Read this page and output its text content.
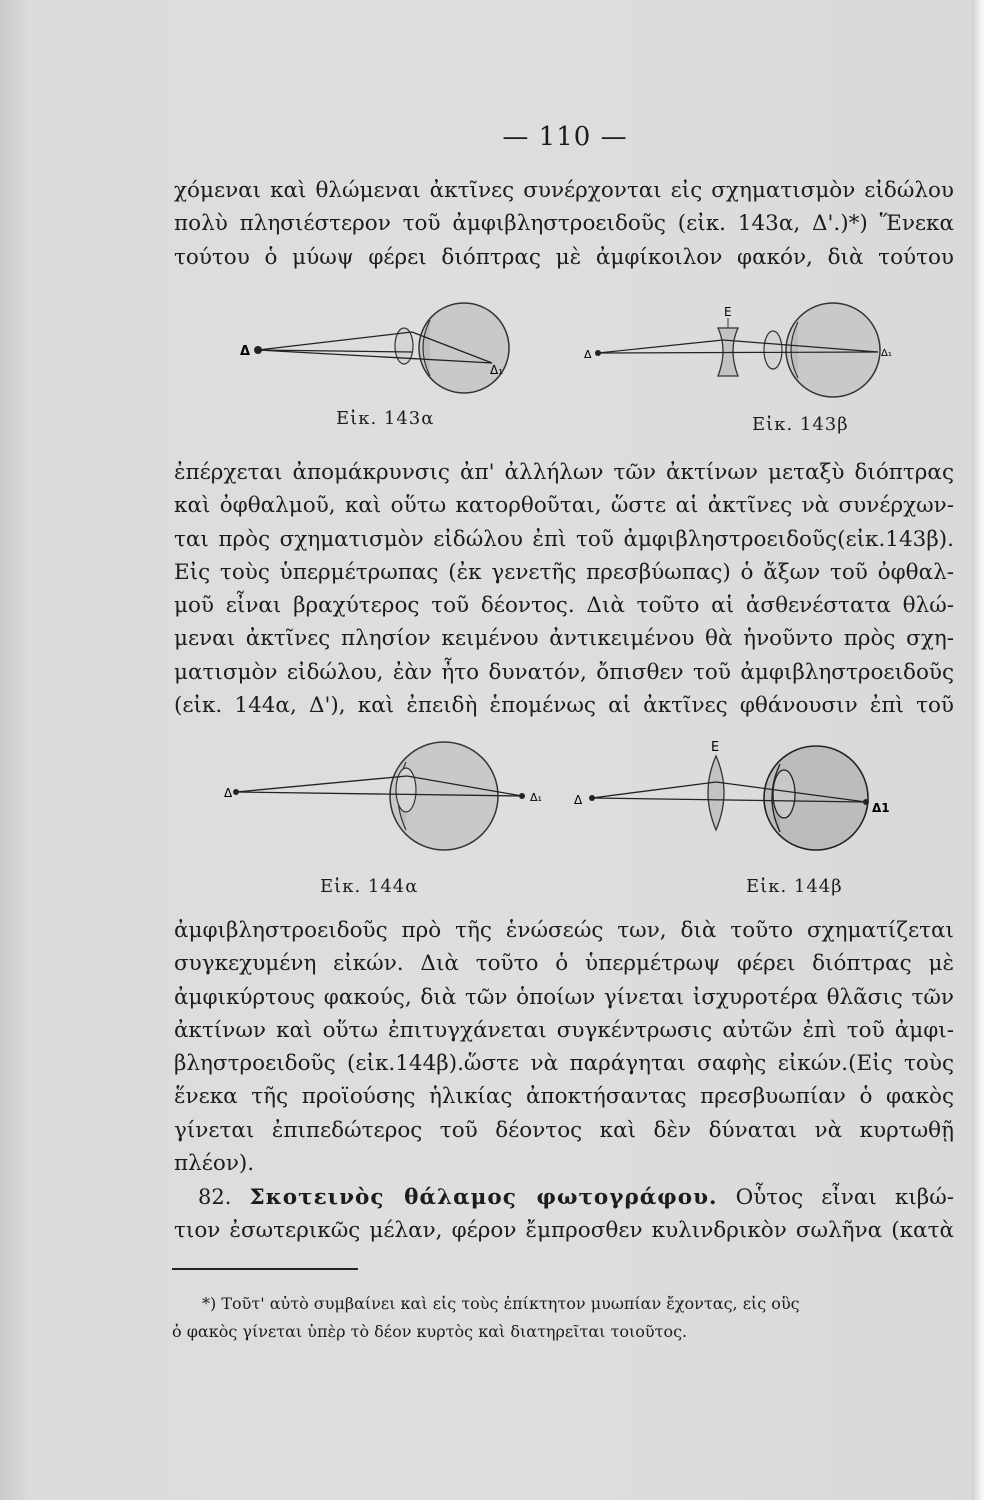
— 110 —
χόμεναι καὶ θλώμεναι ἀκτῖνες συνέρχονται εἰς σχηματισμὸν εἰδώλου
πολὺ πλησιέστερον τοῦ ἀμφιβληστροειδοῦς (εἰκ. 143α, Δ'.)*) Ἕνεκα
τούτου ὁ μύωψ φέρει διόπτρας μὲ ἀμφίκοιλον φακόν, διὰ τούτου
Δ
Δ₁
Εἰκ. 143α
Δ
Ε
Δ₁
Εἰκ. 143β
ἐπέρχεται ἀπομάκρυνσις ἀπ' ἀλλήλων τῶν ἀκτίνων μεταξὺ διόπτρας
καὶ ὀφθαλμοῦ, καὶ οὕτω κατορθοῦται, ὥστε αἱ ἀκτῖνες νὰ συνέρχων-
ται πρὸς σχηματισμὸν εἰδώλου ἐπὶ τοῦ ἀμφιβληστροειδοῦς(εἰκ.143β).
Εἰς τοὺς ὑπερμέτρωπας (ἐκ γενετῆς πρεσβύωπας) ὁ ἄξων τοῦ ὀφθαλ-
μοῦ εἶναι βραχύτερος τοῦ δέοντος. Διὰ τοῦτο αἱ ἀσθενέστατα θλώ-
μεναι ἀκτῖνες πλησίον κειμένου ἀντικειμένου θὰ ἡνοῦντο πρὸς σχη-
ματισμὸν εἰδώλου, ἐὰν ἦτο δυνατόν, ὄπισθεν τοῦ ἀμφιβληστροειδοῦς
(εἰκ. 144α, Δ'), καὶ ἐπειδὴ ἑπομένως αἱ ἀκτῖνες φθάνουσιν ἐπὶ τοῦ
Δ	Δ₁
Εἰκ. 144α
Δ
Ε
Δ1
Εἰκ. 144β
ἀμφιβληστροειδοῦς πρὸ τῆς ἑνώσεώς των, διὰ τοῦτο σχηματίζεται
συγκεχυμένη εἰκών. Διὰ τοῦτο ὁ ὑπερμέτρωψ φέρει διόπτρας μὲ
ἀμφικύρτους φακούς, διὰ τῶν ὁποίων γίνεται ἰσχυροτέρα θλᾶσις τῶν
ἀκτίνων καὶ οὕτω ἐπιτυγχάνεται συγκέντρωσις αὐτῶν ἐπὶ τοῦ ἀμφι-
βληστροειδοῦς (εἰκ.144β).ὥστε νὰ παράγηται σαφὴς εἰκών.(Εἰς τοὺς
ἕνεκα τῆς προϊούσης ἡλικίας ἀποκτήσαντας πρεσβυωπίαν ὁ φακὸς
γίνεται ἐπιπεδώτερος τοῦ δέοντος καὶ δὲν δύναται νὰ κυρτωθῇ
πλέον).
82. Σκοτεινὸς θάλαμος φωτογράφου. Οὗτος εἶναι κιβώ-
τιον ἐσωτερικῶς μέλαν, φέρον ἔμπροσθεν κυλινδρικὸν σωλῆνα (κατὰ
*) Τοῦτ' αὐτὸ συμβαίνει καὶ εἰς τοὺς ἐπίκτητον μυωπίαν ἔχοντας, εἰς οὓς
ὁ φακὸς γίνεται ὑπὲρ τὸ δέον κυρτὸς καὶ διατηρεῖται τοιοῦτος.
